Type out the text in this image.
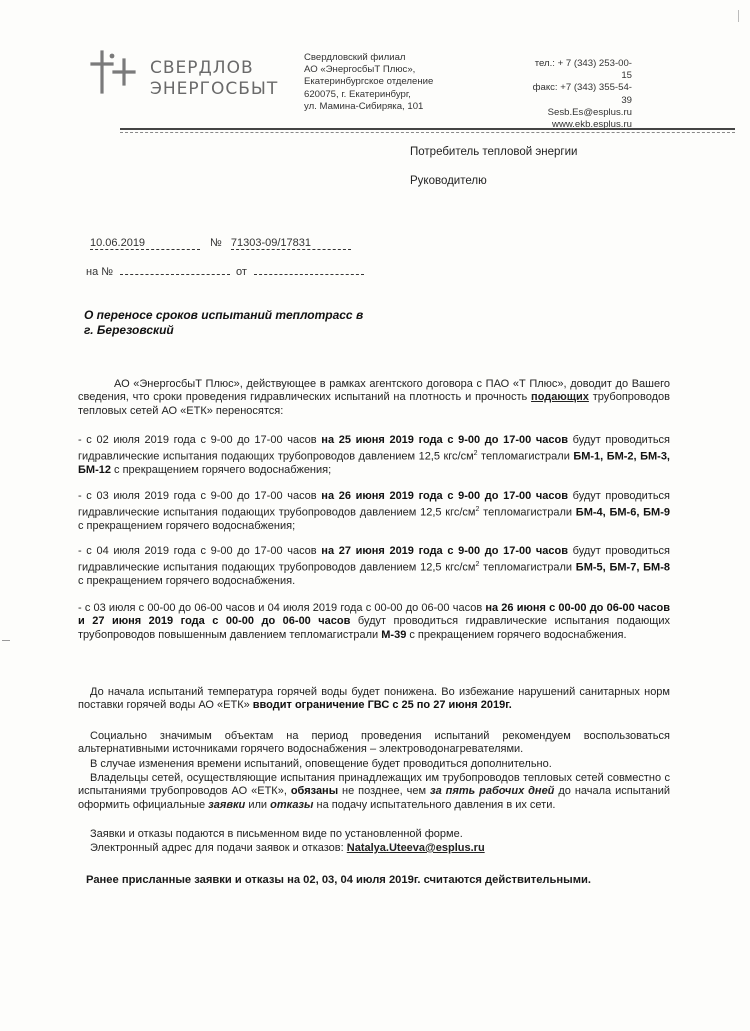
СВЕРДЛОВ
ЭНЕРГОСБЫТ
Свердловский филиал
АО «ЭнергосбыТ Плюс»,
Екатеринбургское отделение
620075, г. Екатеринбург,
ул. Мамина-Сибиряка, 101
тел.: + 7 (343) 253-00-15
факс: +7 (343) 355-54-39
Sesb.Es@esplus.ru
www.ekb.esplus.ru
Потребитель тепловой энергии
Руководителю
10.06.2019	№ 71303-09/17831
на №	от
О переносе сроков испытаний теплотрасс в
г. Березовский
АО «ЭнергосбыТ Плюс», действующее в рамках агентского договора с ПАО «Т Плюс», доводит до Вашего сведения, что сроки проведения гидравлических испытаний на плотность и прочность подающих трубопроводов тепловых сетей АО «ЕТК» переносятся:
- с 02 июля 2019 года с 9-00 до 17-00 часов на 25 июня 2019 года с 9-00 до 17-00 часов будут проводиться гидравлические испытания подающих трубопроводов давлением 12,5 кгс/$см^2$ тепломагистрали БМ-1, БМ-2, БМ-3, БМ-12 с прекращением горячего водоснабжения;
- с 03 июля 2019 года с 9-00 до 17-00 часов на 26 июня 2019 года с 9-00 до 17-00 часов будут проводиться гидравлические испытания подающих трубопроводов давлением 12,5 кгс/$см^2$ тепломагистрали БМ-4, БМ-6, БМ-9 с прекращением горячего водоснабжения;
- с 04 июля 2019 года с 9-00 до 17-00 часов на 27 июня 2019 года с 9-00 до 17-00 часов будут проводиться гидравлические испытания подающих трубопроводов давлением 12,5 кгс/$см^2$ тепломагистрали БМ-5, БМ-7, БМ-8 с прекращением горячего водоснабжения.
- с 03 июля с 00-00 до 06-00 часов и 04 июля 2019 года с 00-00 до 06-00 часов на 26 июня с 00-00 до 06-00 часов и 27 июня 2019 года с 00-00 до 06-00 часов будут проводиться гидравлические испытания подающих трубопроводов повышенным давлением тепломагистрали М-39 с прекращением горячего водоснабжения.
До начала испытаний температура горячей воды будет понижена. Во избежание нарушений санитарных норм поставки горячей воды АО «ЕТК» вводит ограничение ГВС с 25 по 27 июня 2019г.
Социально значимым объектам на период проведения испытаний рекомендуем воспользоваться альтернативными источниками горячего водоснабжения – электроводонагревателями.
В случае изменения времени испытаний, оповещение будет проводиться дополнительно.
Владельцы сетей, осуществляющие испытания принадлежащих им трубопроводов тепловых сетей совместно с испытаниями трубопроводов АО «ЕТК», обязаны не позднее, чем за пять рабочих дней до начала испытаний оформить официальные заявки или отказы на подачу испытательного давления в их сети.
Заявки и отказы подаются в письменном виде по установленной форме.
Электронный адрес для подачи заявок и отказов: Natalya.Uteeva@esplus.ru
Ранее присланные заявки и отказы на 02, 03, 04 июля 2019г. считаются действительными.
